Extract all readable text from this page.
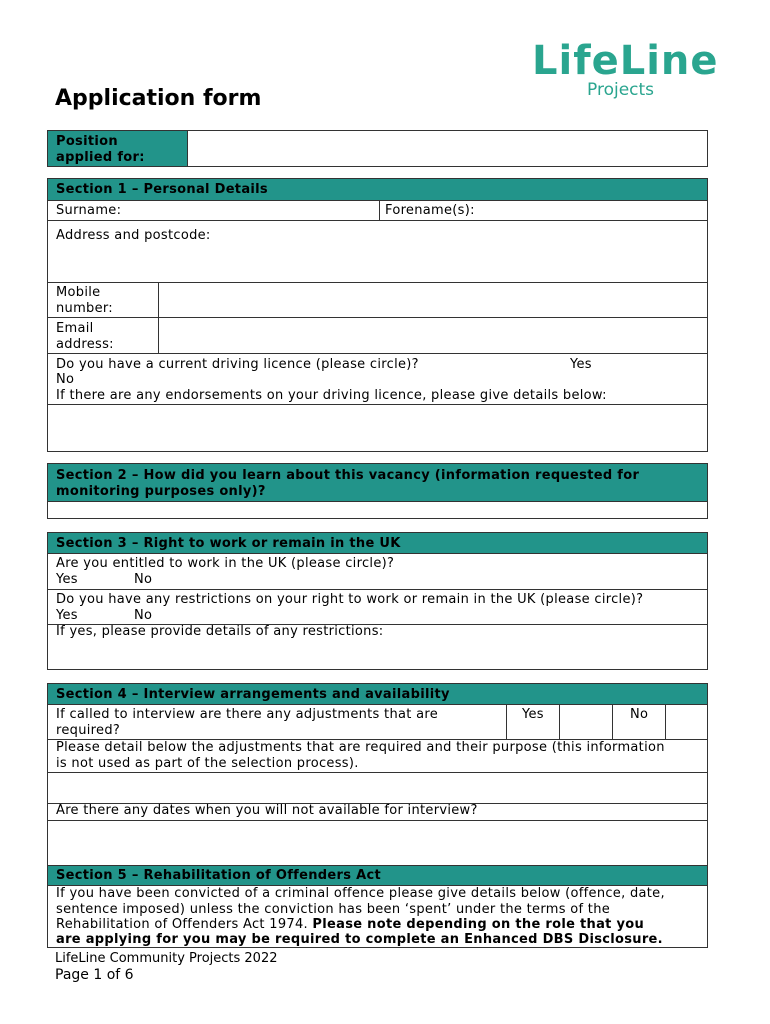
LifeLine
Projects
Application form
Position
applied for:
Section 1 – Personal Details
Surname:	Forename(s):
Address and postcode:
Mobile
number:
Email
address:
Do you have a current driving licence (please circle)?	Yes
No
If there are any endorsements on your driving licence, please give details below:
Section 2 – How did you learn about this vacancy (information requested for
monitoring purposes only)?
Section 3 – Right to work or remain in the UK
Are you entitled to work in the UK (please circle)?
Yes	No
Do you have any restrictions on your right to work or remain in the UK (please circle)?
Yes	No
If yes, please provide details of any restrictions:
Section 4 – Interview arrangements and availability
If called to interview are there any adjustments that are
required?
Yes	No
Please detail below the adjustments that are required and their purpose (this information
is not used as part of the selection process).
Are there any dates when you will not available for interview?
Section 5 – Rehabilitation of Offenders Act
If you have been convicted of a criminal offence please give details below (offence, date,
sentence imposed) unless the conviction has been ‘spent’ under the terms of the
Rehabilitation of Offenders Act 1974. Please note depending on the role that you
are applying for you may be required to complete an Enhanced DBS Disclosure.
LifeLine Community Projects 2022
Page 1 of 6
